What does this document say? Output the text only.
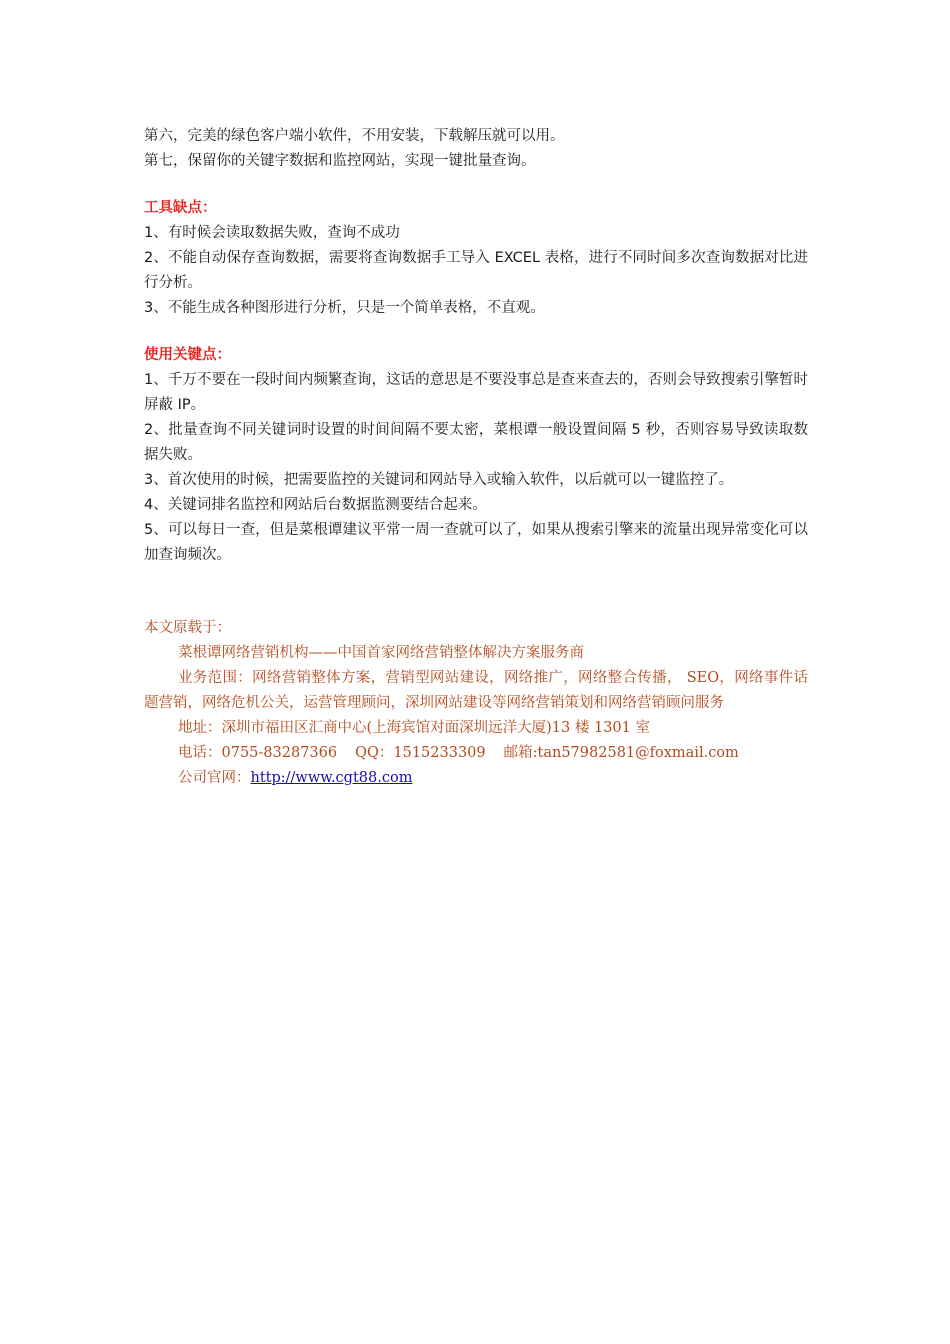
第六，完美的绿色客户端小软件，不用安装，下载解压就可以用。
第七，保留你的关键字数据和监控网站，实现一键批量查询。
工具缺点：
1、有时候会读取数据失败，查询不成功
2、不能自动保存查询数据，需要将查询数据手工导入 EXCEL 表格，进行不同时间多次查询数据对比进行分析。
3、不能生成各种图形进行分析，只是一个简单表格，不直观。
使用关键点：
1、千万不要在一段时间内频繁查询，这话的意思是不要没事总是查来查去的，否则会导致搜索引擎暂时屏蔽 IP。
2、批量查询不同关键词时设置的时间间隔不要太密，菜根谭一般设置间隔 5 秒，否则容易导致读取数据失败。
3、首次使用的时候，把需要监控的关键词和网站导入或输入软件，以后就可以一键监控了。
4、关键词排名监控和网站后台数据监测要结合起来。
5、可以每日一查，但是菜根谭建议平常一周一查就可以了，如果从搜索引擎来的流量出现异常变化可以加查询频次。
本文原载于：
菜根谭网络营销机构——中国首家网络营销整体解决方案服务商
业务范围：网络营销整体方案，营销型网站建设，网络推广，网络整合传播， SEO，网络事件话题营销，网络危机公关，运营管理顾问，深圳网站建设等网络营销策划和网络营销顾问服务
地址：深圳市福田区汇商中心(上海宾馆对面深圳远洋大厦)13 楼 1301 室
电话：0755-83287366 QQ：1515233309 邮箱:tan57982581@foxmail.com
公司官网：http://www.cgt88.com
